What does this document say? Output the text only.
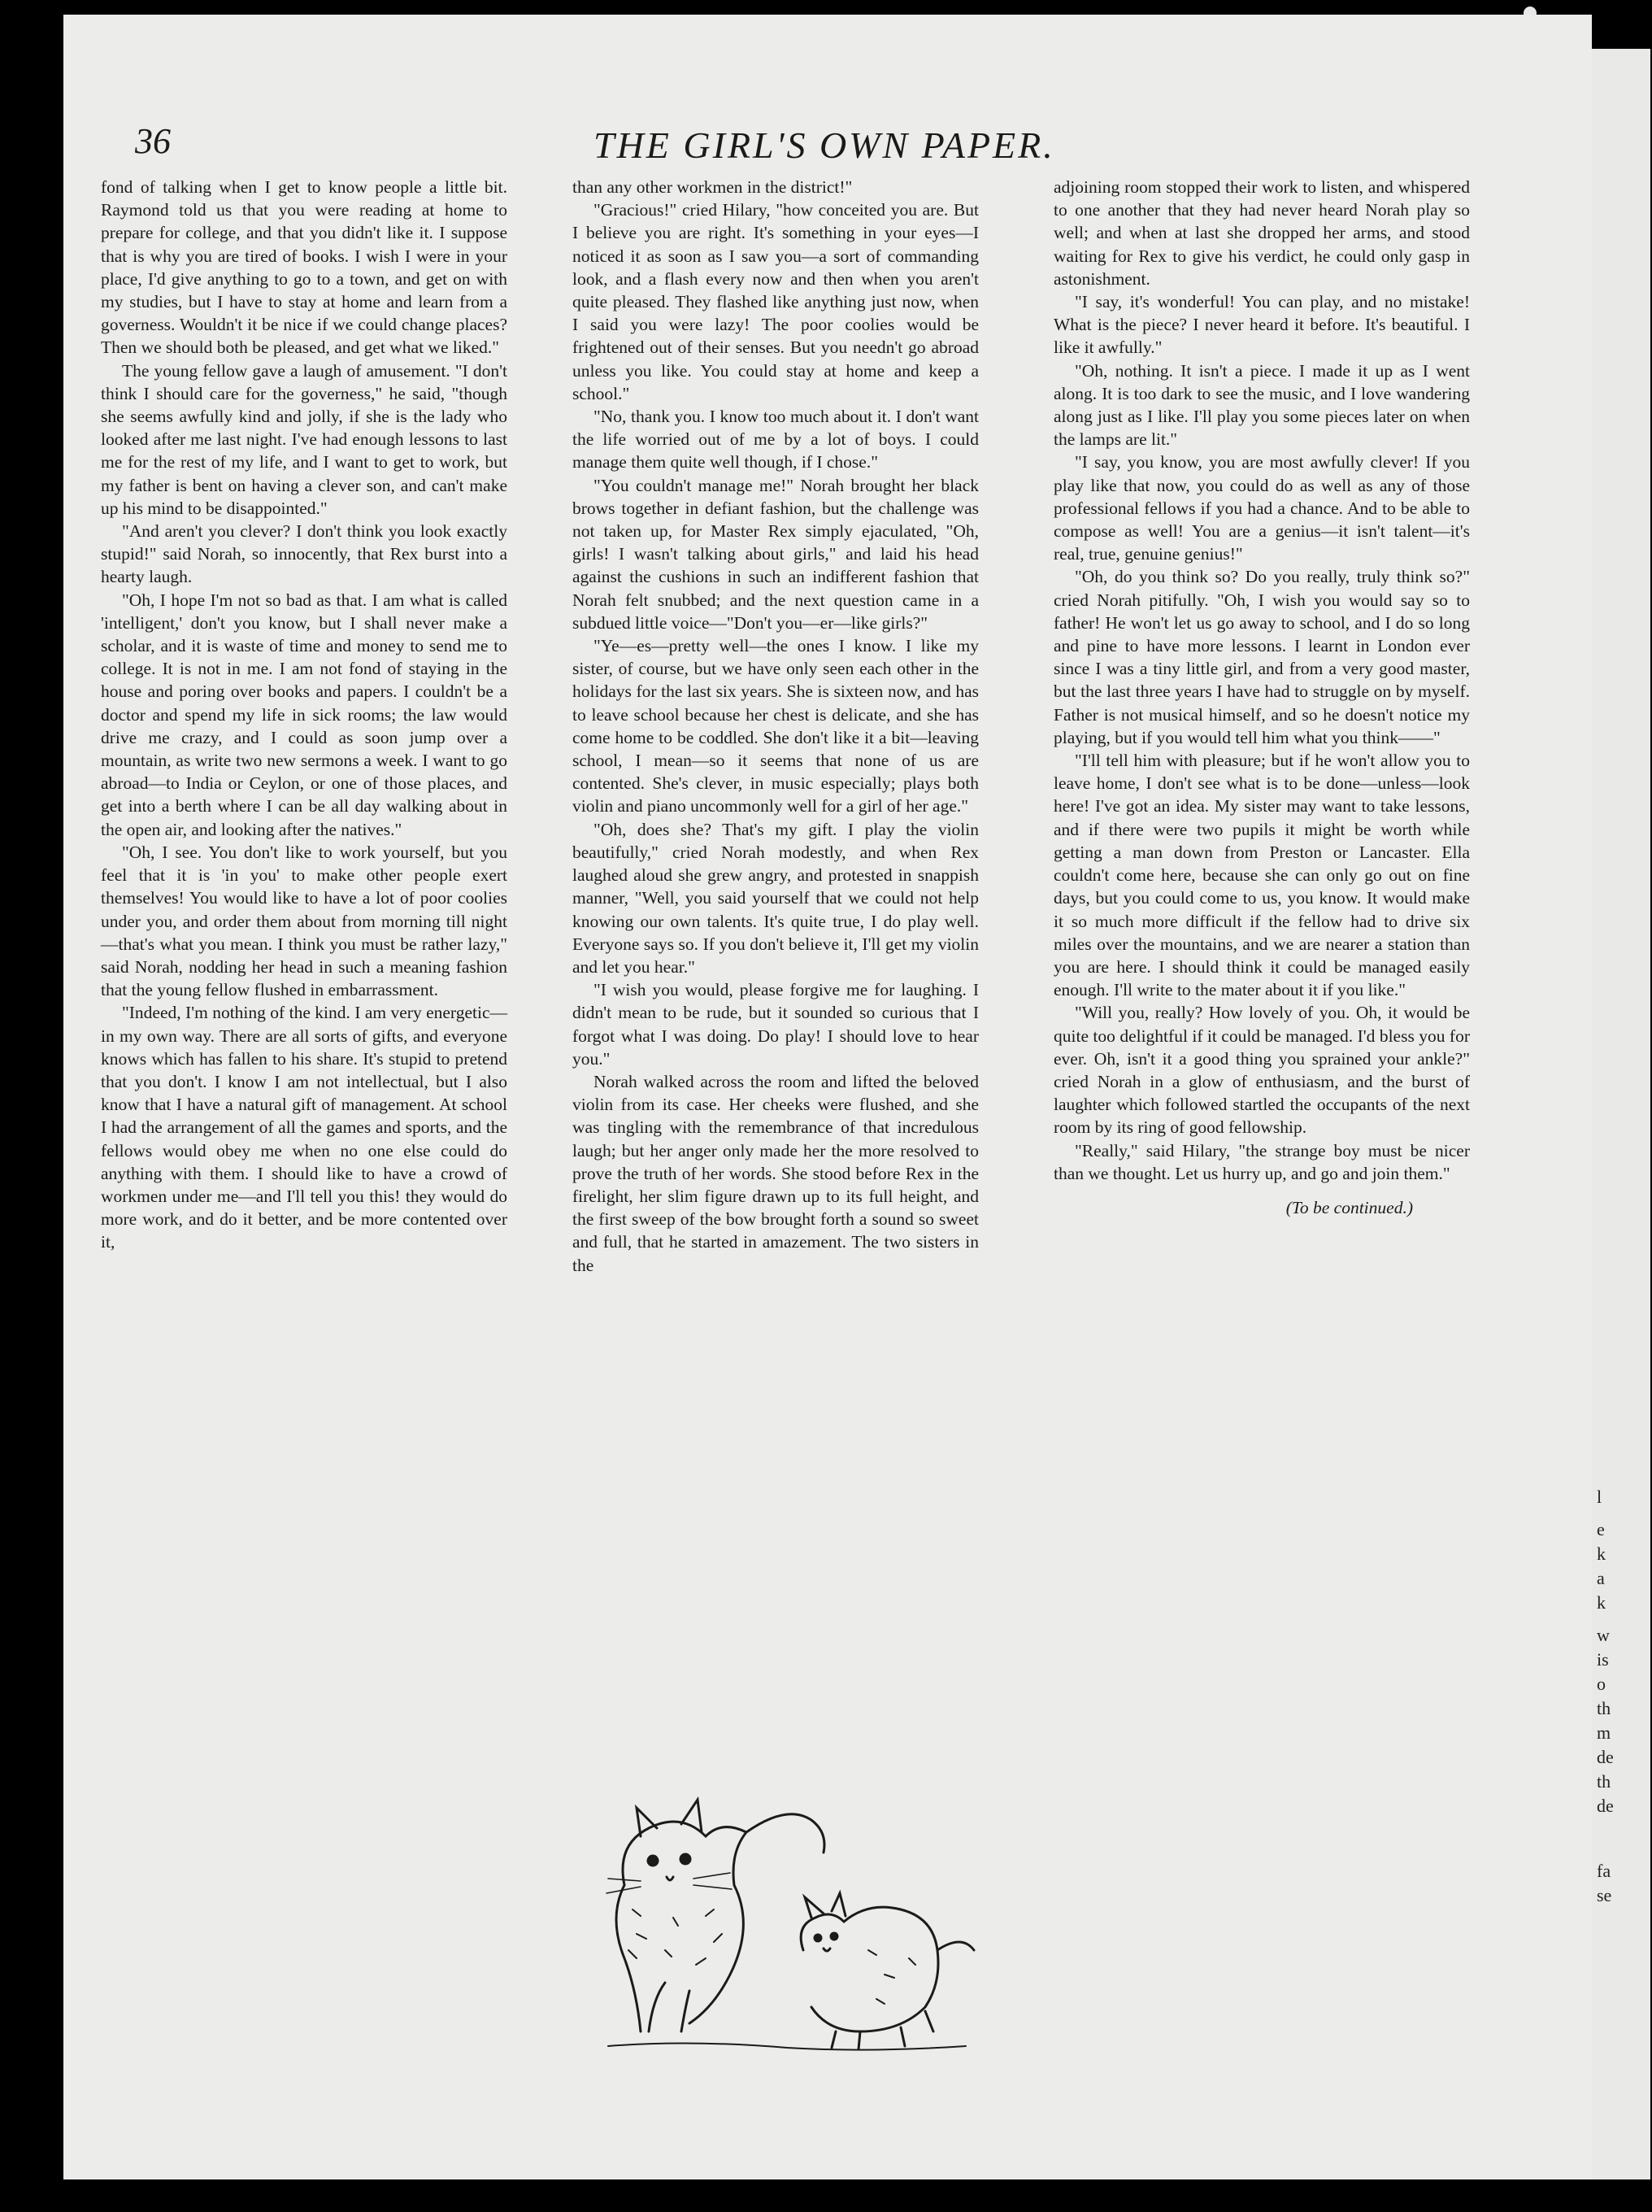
36	THE GIRL'S OWN PAPER.

fond of talking when I get to know people a little bit. Raymond told us that you were reading at home to prepare for college, and that you didn't like it. I suppose that is why you are tired of books. I wish I were in your place, I'd give anything to go to a town, and get on with my studies, but I have to stay at home and learn from a governess. Wouldn't it be nice if we could change places? Then we should both be pleased, and get what we liked."

The young fellow gave a laugh of amusement. "I don't think I should care for the governess," he said, "though she seems awfully kind and jolly, if she is the lady who looked after me last night. I've had enough lessons to last me for the rest of my life, and I want to get to work, but my father is bent on having a clever son, and can't make up his mind to be disappointed."

"And aren't you clever? I don't think you look exactly stupid!" said Norah, so innocently, that Rex burst into a hearty laugh.

"Oh, I hope I'm not so bad as that. I am what is called 'intelligent,' don't you know, but I shall never make a scholar, and it is waste of time and money to send me to college. It is not in me. I am not fond of staying in the house and poring over books and papers. I couldn't be a doctor and spend my life in sick rooms; the law would drive me crazy, and I could as soon jump over a mountain, as write two new sermons a week. I want to go abroad—to India or Ceylon, or one of those places, and get into a berth where I can be all day walking about in the open air, and looking after the natives."

"Oh, I see. You don't like to work yourself, but you feel that it is 'in you' to make other people exert themselves! You would like to have a lot of poor coolies under you, and order them about from morning till night—that's what you mean. I think you must be rather lazy," said Norah, nodding her head in such a meaning fashion that the young fellow flushed in embarrassment.

"Indeed, I'm nothing of the kind. I am very energetic—in my own way. There are all sorts of gifts, and everyone knows which has fallen to his share. It's stupid to pretend that you don't. I know I am not intellectual, but I also know that I have a natural gift of management. At school I had the arrangement of all the games and sports, and the fellows would obey me when no one else could do anything with them. I should like to have a crowd of workmen under me—and I'll tell you this! they would do more work, and do it better, and be more contented over it,

than any other workmen in the district!"

"Gracious!" cried Hilary, "how conceited you are. But I believe you are right. It's something in your eyes—I noticed it as soon as I saw you—a sort of commanding look, and a flash every now and then when you aren't quite pleased. They flashed like anything just now, when I said you were lazy! The poor coolies would be frightened out of their senses. But you needn't go abroad unless you like. You could stay at home and keep a school."

"No, thank you. I know too much about it. I don't want the life worried out of me by a lot of boys. I could manage them quite well though, if I chose."

"You couldn't manage me!" Norah brought her black brows together in defiant fashion, but the challenge was not taken up, for Master Rex simply ejaculated, "Oh, girls! I wasn't talking about girls," and laid his head against the cushions in such an indifferent fashion that Norah felt snubbed; and the next question came in a subdued little voice—"Don't you—er—like girls?"

"Ye—es—pretty well—the ones I know. I like my sister, of course, but we have only seen each other in the holidays for the last six years. She is sixteen now, and has to leave school because her chest is delicate, and she has come home to be coddled. She don't like it a bit—leaving school, I mean—so it seems that none of us are contented. She's clever, in music especially; plays both violin and piano uncommonly well for a girl of her age."

"Oh, does she? That's my gift. I play the violin beautifully," cried Norah modestly, and when Rex laughed aloud she grew angry, and protested in snappish manner, "Well, you said yourself that we could not help knowing our own talents. It's quite true, I do play well. Everyone says so. If you don't believe it, I'll get my violin and let you hear."

"I wish you would, please forgive me for laughing. I didn't mean to be rude, but it sounded so curious that I forgot what I was doing. Do play! I should love to hear you."

Norah walked across the room and lifted the beloved violin from its case. Her cheeks were flushed, and she was tingling with the remembrance of that incredulous laugh; but her anger only made her the more resolved to prove the truth of her words. She stood before Rex in the firelight, her slim figure drawn up to its full height, and the first sweep of the bow brought forth a sound so sweet and full, that he started in amazement. The two sisters in the

adjoining room stopped their work to listen, and whispered to one another that they had never heard Norah play so well; and when at last she dropped her arms, and stood waiting for Rex to give his verdict, he could only gasp in astonishment.

"I say, it's wonderful! You can play, and no mistake! What is the piece? I never heard it before. It's beautiful. I like it awfully."

"Oh, nothing. It isn't a piece. I made it up as I went along. It is too dark to see the music, and I love wandering along just as I like. I'll play you some pieces later on when the lamps are lit."

"I say, you know, you are most awfully clever! If you play like that now, you could do as well as any of those professional fellows if you had a chance. And to be able to compose as well! You are a genius—it isn't talent—it's real, true, genuine genius!"

"Oh, do you think so? Do you really, truly think so?" cried Norah pitifully. "Oh, I wish you would say so to father! He won't let us go away to school, and I do so long and pine to have more lessons. I learnt in London ever since I was a tiny little girl, and from a very good master, but the last three years I have had to struggle on by myself. Father is not musical himself, and so he doesn't notice my playing, but if you would tell him what you think——"

"I'll tell him with pleasure; but if he won't allow you to leave home, I don't see what is to be done—unless—look here! I've got an idea. My sister may want to take lessons, and if there were two pupils it might be worth while getting a man down from Preston or Lancaster. Ella couldn't come here, because she can only go out on fine days, but you could come to us, you know. It would make it so much more difficult if the fellow had to drive six miles over the mountains, and we are nearer a station than you are here. I should think it could be managed easily enough. I'll write to the mater about it if you like."

"Will you, really? How lovely of you. Oh, it would be quite too delightful if it could be managed. I'd bless you for ever. Oh, isn't it a good thing you sprained your ankle?" cried Norah in a glow of enthusiasm, and the burst of laughter which followed startled the occupants of the next room by its ring of good fellowship.

"Really," said Hilary, "the strange boy must be nicer than we thought. Let us hurry up, and go and join them."

(To be continued.)
l
e
k
a
k
w
is
o
th
m
de
th
de
fa
se
